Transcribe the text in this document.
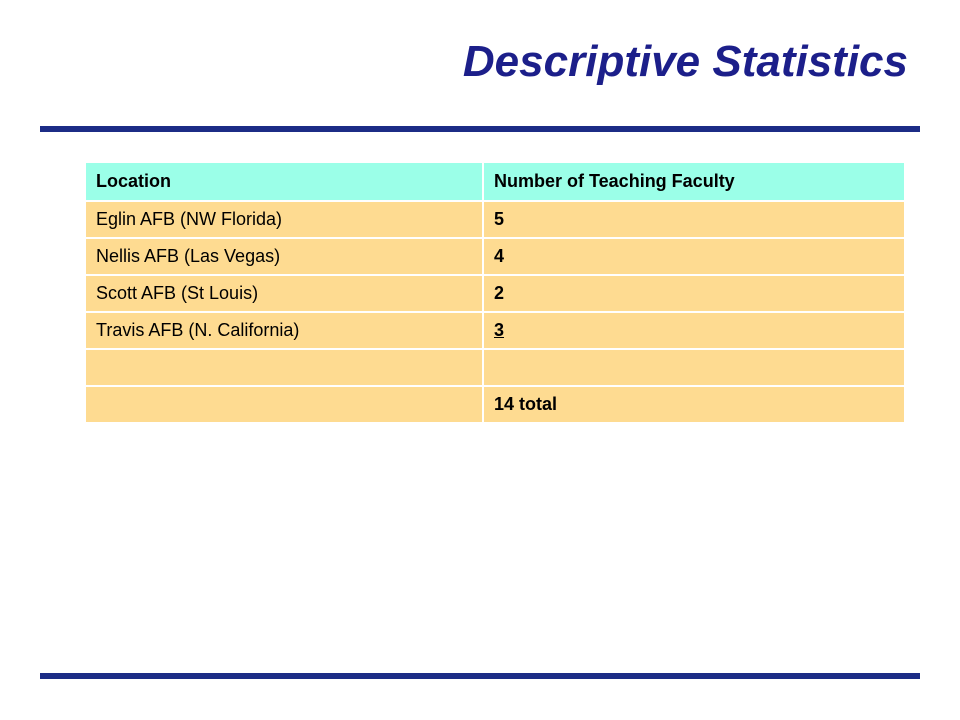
Descriptive Statistics
Location	Number of Teaching Faculty
Eglin AFB (NW Florida)	5
Nellis AFB (Las Vegas)	4
Scott AFB (St Louis)	2
Travis AFB (N. California)	3

	14 total
